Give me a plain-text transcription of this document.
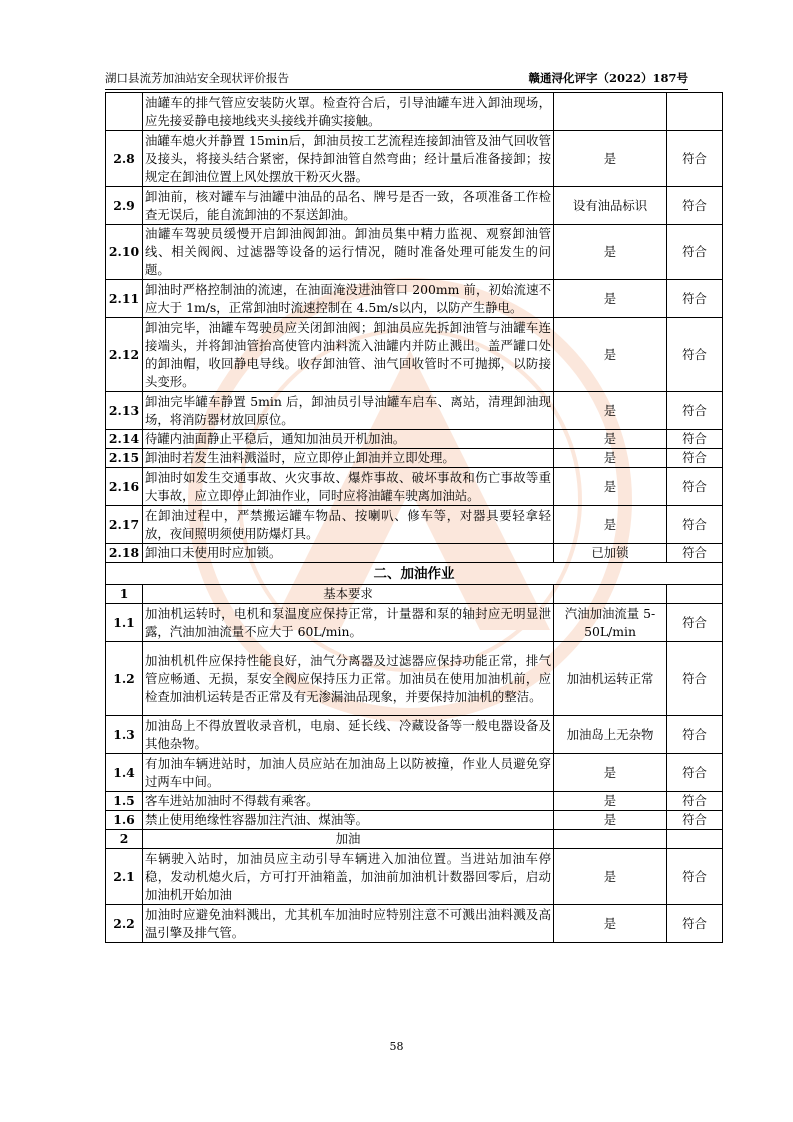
湖口县流芳加油站安全现状评价报告	赣通浔化评字（2022）187号
	油罐车的排气管应安装防火罩。检查符合后，引导油罐车进入卸油现场，应先接妥静电接地线夹头接线并确实接触。		
2.8	油罐车熄火并静置 15min后，卸油员按工艺流程连接卸油管及油气回收管及接头，将接头结合紧密，保持卸油管自然弯曲；经计量后准备接卸；按规定在卸油位置上风处摆放干粉灭火器。	是	符合
2.9	卸油前，核对罐车与油罐中油品的品名、牌号是否一致，各项准备工作检查无误后，能自流卸油的不泵送卸油。	设有油品标识	符合
2.10	油罐车驾驶员缓慢开启卸油阀卸油。卸油员集中精力监视、观察卸油管线、相关阀阀、过滤器等设备的运行情况，随时准备处理可能发生的问题。	是	符合
2.11	卸油时严格控制油的流速，在油面淹没进油管口 200mm 前，初始流速不应大于 1m/s，正常卸油时流速控制在 4.5m/s以内，以防产生静电。	是	符合
2.12	卸油完毕，油罐车驾驶员应关闭卸油阀；卸油员应先拆卸油管与油罐车连接端头，并将卸油管抬高使管内油料流入油罐内并防止溅出。盖严罐口处的卸油帽，收回静电导线。收存卸油管、油气回收管时不可抛掷，以防接头变形。	是	符合
2.13	卸油完毕罐车静置 5min 后，卸油员引导油罐车启车、离站，清理卸油现场，将消防器材放回原位。	是	符合
2.14	待罐内油面静止平稳后，通知加油员开机加油。	是	符合
2.15	卸油时若发生油料溅溢时，应立即停止卸油并立即处理。	是	符合
2.16	卸油时如发生交通事故、火灾事故、爆炸事故、破坏事故和伤亡事故等重大事故，应立即停止卸油作业，同时应将油罐车驶离加油站。	是	符合
2.17	在卸油过程中，严禁搬运罐车物品、按喇叭、修车等，对器具要轻拿轻放，夜间照明须使用防爆灯具。	是	符合
2.18	卸油口未使用时应加锁。	已加锁	符合
二、加油作业			
1	基本要求		
1.1	加油机运转时，电机和泵温度应保持正常，计量器和泵的轴封应无明显泄露，汽油加油流量不应大于 60L/min。	汽油加油流量 5-50L/min	符合
1.2	加油机机件应保持性能良好，油气分离器及过滤器应保持功能正常，排气管应畅通、无损，泵安全阀应保持压力正常。加油员在使用加油机前，应检查加油机运转是否正常及有无渗漏油品现象，并要保持加油机的整洁。	加油机运转正常	符合
1.3	加油岛上不得放置收录音机，电扇、延长线、冷藏设备等一般电器设备及其他杂物。	加油岛上无杂物	符合
1.4	有加油车辆进站时，加油人员应站在加油岛上以防被撞，作业人员避免穿过两车中间。	是	符合
1.5	客车进站加油时不得载有乘客。	是	符合
1.6	禁止使用绝缘性容器加注汽油、煤油等。	是	符合
2	加油		
2.1	车辆驶入站时，加油员应主动引导车辆进入加油位置。当进站加油车停稳，发动机熄火后，方可打开油箱盖，加油前加油机计数器回零后，启动加油机开始加油	是	符合
2.2	加油时应避免油料溅出，尤其机车加油时应特别注意不可溅出油料溅及高温引擎及排气管。	是	符合
58
